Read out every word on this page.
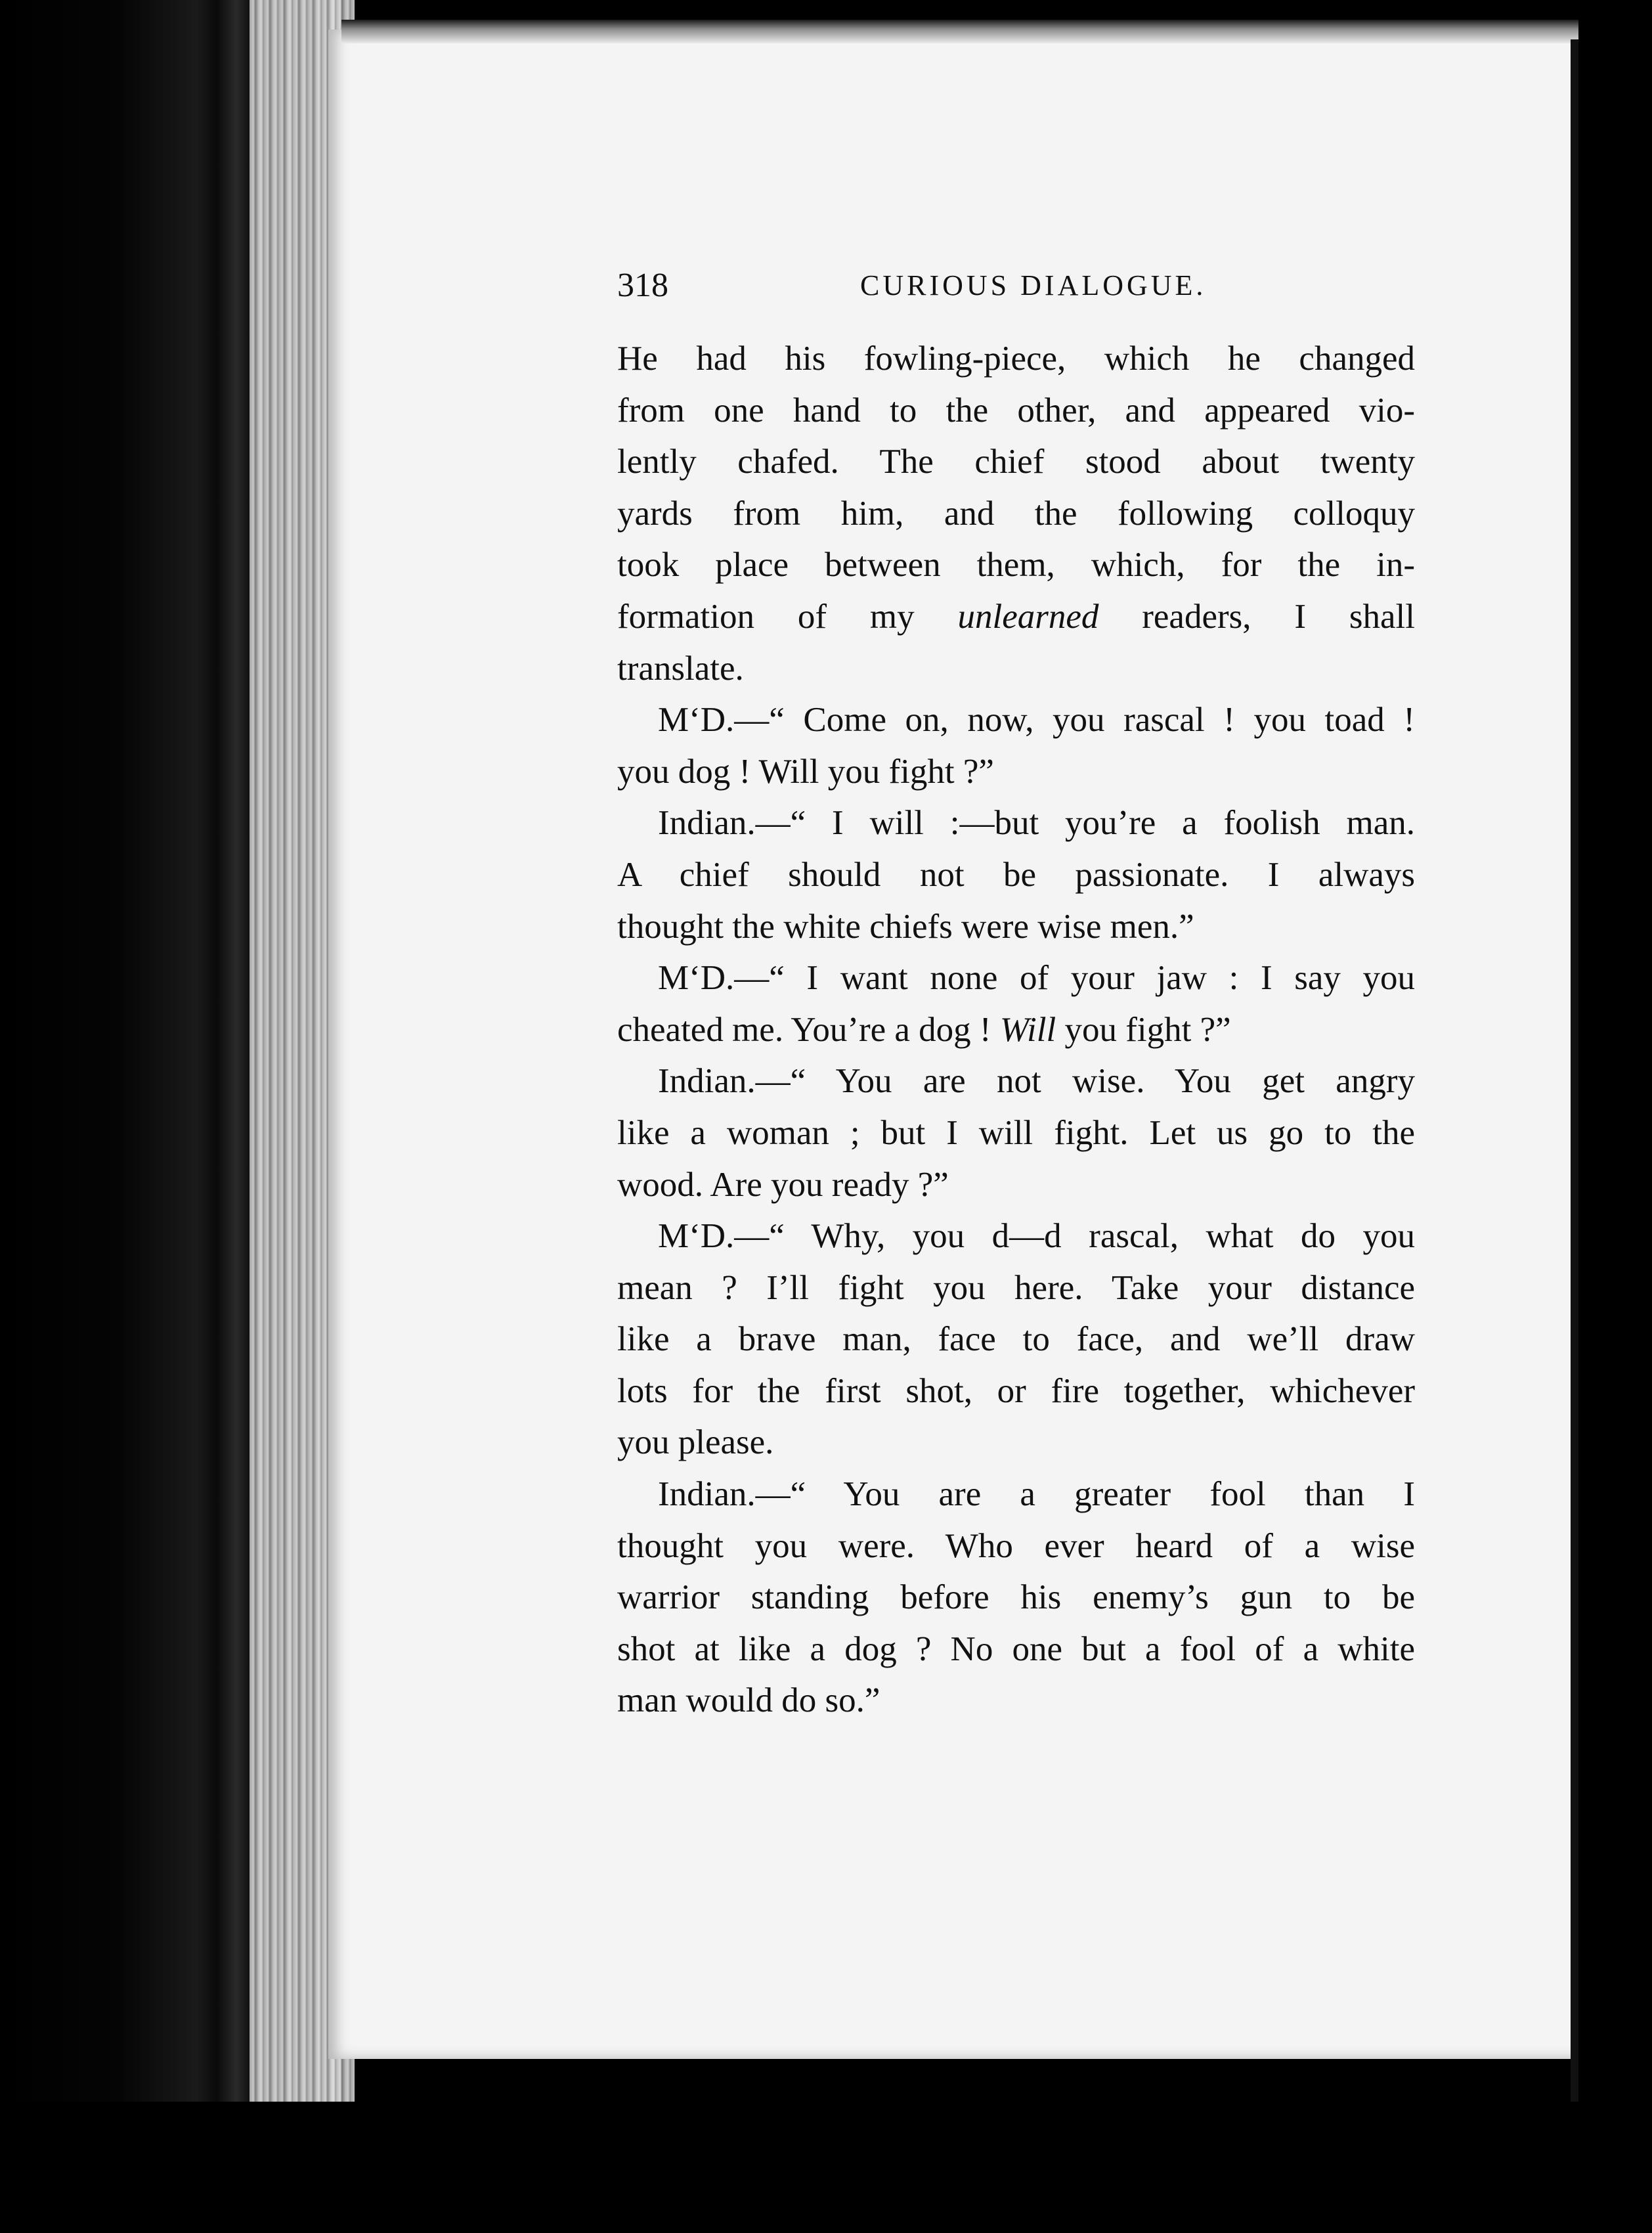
318	CURIOUS DIALOGUE.
He had his fowling-piece, which he changed
from one hand to the other, and appeared vio-
lently chafed. The chief stood about twenty
yards from him, and the following colloquy
took place between them, which, for the in-
formation of my unlearned readers, I shall
translate.
M‘D.—“ Come on, now, you rascal ! you toad !
you dog ! Will you fight ?”
Indian.—“ I will :—but you’re a foolish man.
A chief should not be passionate. I always
thought the white chiefs were wise men.”
M‘D.—“ I want none of your jaw : I say you
cheated me. You’re a dog ! Will you fight ?”
Indian.—“ You are not wise. You get angry
like a woman ; but I will fight. Let us go to the
wood. Are you ready ?”
M‘D.—“ Why, you d—d rascal, what do you
mean ? I’ll fight you here. Take your distance
like a brave man, face to face, and we’ll draw
lots for the first shot, or fire together, whichever
you please.
Indian.—“ You are a greater fool than I
thought you were. Who ever heard of a wise
warrior standing before his enemy’s gun to be
shot at like a dog ? No one but a fool of a white
man would do so.”
